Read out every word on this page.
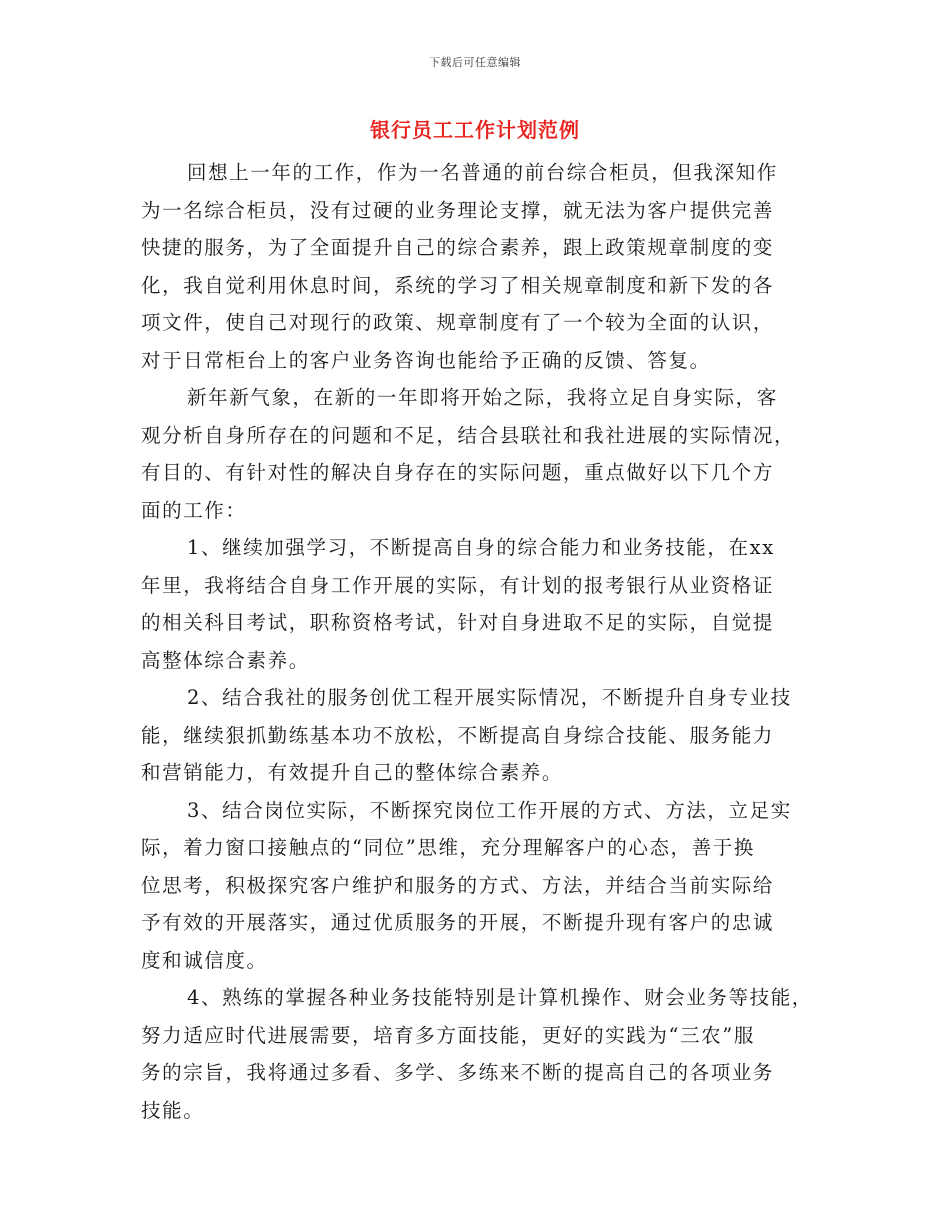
下载后可任意编辑
银行员工工作计划范例
回想上一年的工作，作为一名普通的前台综合柜员，但我深知作
为一名综合柜员，没有过硬的业务理论支撑，就无法为客户提供完善
快捷的服务，为了全面提升自己的综合素养，跟上政策规章制度的变
化，我自觉利用休息时间，系统的学习了相关规章制度和新下发的各
项文件，使自己对现行的政策、规章制度有了一个较为全面的认识，
对于日常柜台上的客户业务咨询也能给予正确的反馈、答复。
新年新气象，在新的一年即将开始之际，我将立足自身实际，客
观分析自身所存在的问题和不足，结合县联社和我社进展的实际情况，
有目的、有针对性的解决自身存在的实际问题，重点做好以下几个方
面的工作：
1、继续加强学习，不断提高自身的综合能力和业务技能，在xx
年里，我将结合自身工作开展的实际，有计划的报考银行从业资格证
的相关科目考试，职称资格考试，针对自身进取不足的实际，自觉提
高整体综合素养。
2、结合我社的服务创优工程开展实际情况，不断提升自身专业技
能，继续狠抓勤练基本功不放松，不断提高自身综合技能、服务能力
和营销能力，有效提升自己的整体综合素养。
3、结合岗位实际，不断探究岗位工作开展的方式、方法，立足实
际，着力窗口接触点的“同位”思维，充分理解客户的心态，善于换
位思考，积极探究客户维护和服务的方式、方法，并结合当前实际给
予有效的开展落实，通过优质服务的开展，不断提升现有客户的忠诚
度和诚信度。
4、熟练的掌握各种业务技能特别是计算机操作、财会业务等技能，
努力适应时代进展需要，培育多方面技能，更好的实践为“三农”服
务的宗旨，我将通过多看、多学、多练来不断的提高自己的各项业务
技能。
